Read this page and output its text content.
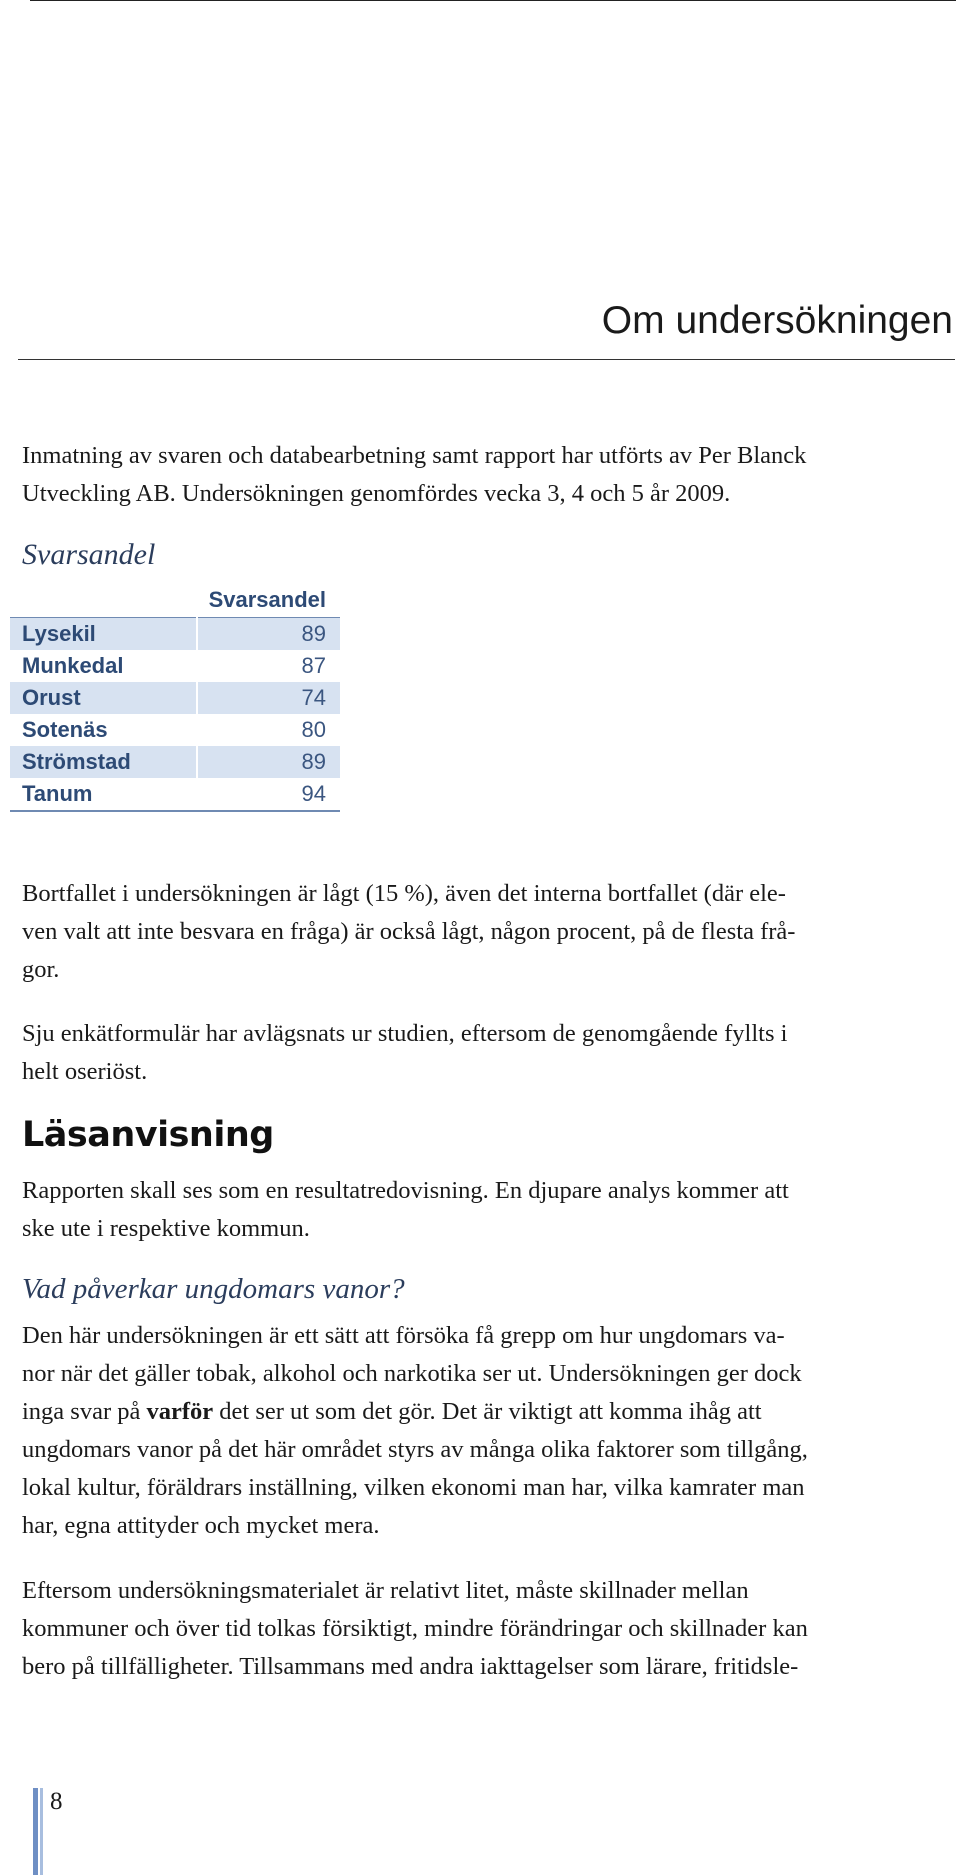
Om undersökningen

Inmatning av svaren och databearbetning samt rapport har utförts av Per Blanck
Utveckling AB. Undersökningen genomfördes vecka 3, 4 och 5 år 2009.

Svarsandel
	Svarsandel
Lysekil	89
Munkedal	87
Orust	74
Sotenäs	80
Strömstad	89
Tanum	94

Bortfallet i undersökningen är lågt (15 %), även det interna bortfallet (där ele-
ven valt att inte besvara en fråga) är också lågt, någon procent, på de flesta frå-
gor.

Sju enkätformulär har avlägsnats ur studien, eftersom de genomgående fyllts i
helt oseriöst.

Läsanvisning

Rapporten skall ses som en resultatredovisning. En djupare analys kommer att
ske ute i respektive kommun.

Vad påverkar ungdomars vanor?

Den här undersökningen är ett sätt att försöka få grepp om hur ungdomars va-
nor när det gäller tobak, alkohol och narkotika ser ut. Undersökningen ger dock
inga svar på varför det ser ut som det gör. Det är viktigt att komma ihåg att
ungdomars vanor på det här området styrs av många olika faktorer som tillgång,
lokal kultur, föräldrars inställning, vilken ekonomi man har, vilka kamrater man
har, egna attityder och mycket mera.

Eftersom undersökningsmaterialet är relativt litet, måste skillnader mellan
kommuner och över tid tolkas försiktigt, mindre förändringar och skillnader kan
bero på tillfälligheter. Tillsammans med andra iakttagelser som lärare, fritidsle-

8
